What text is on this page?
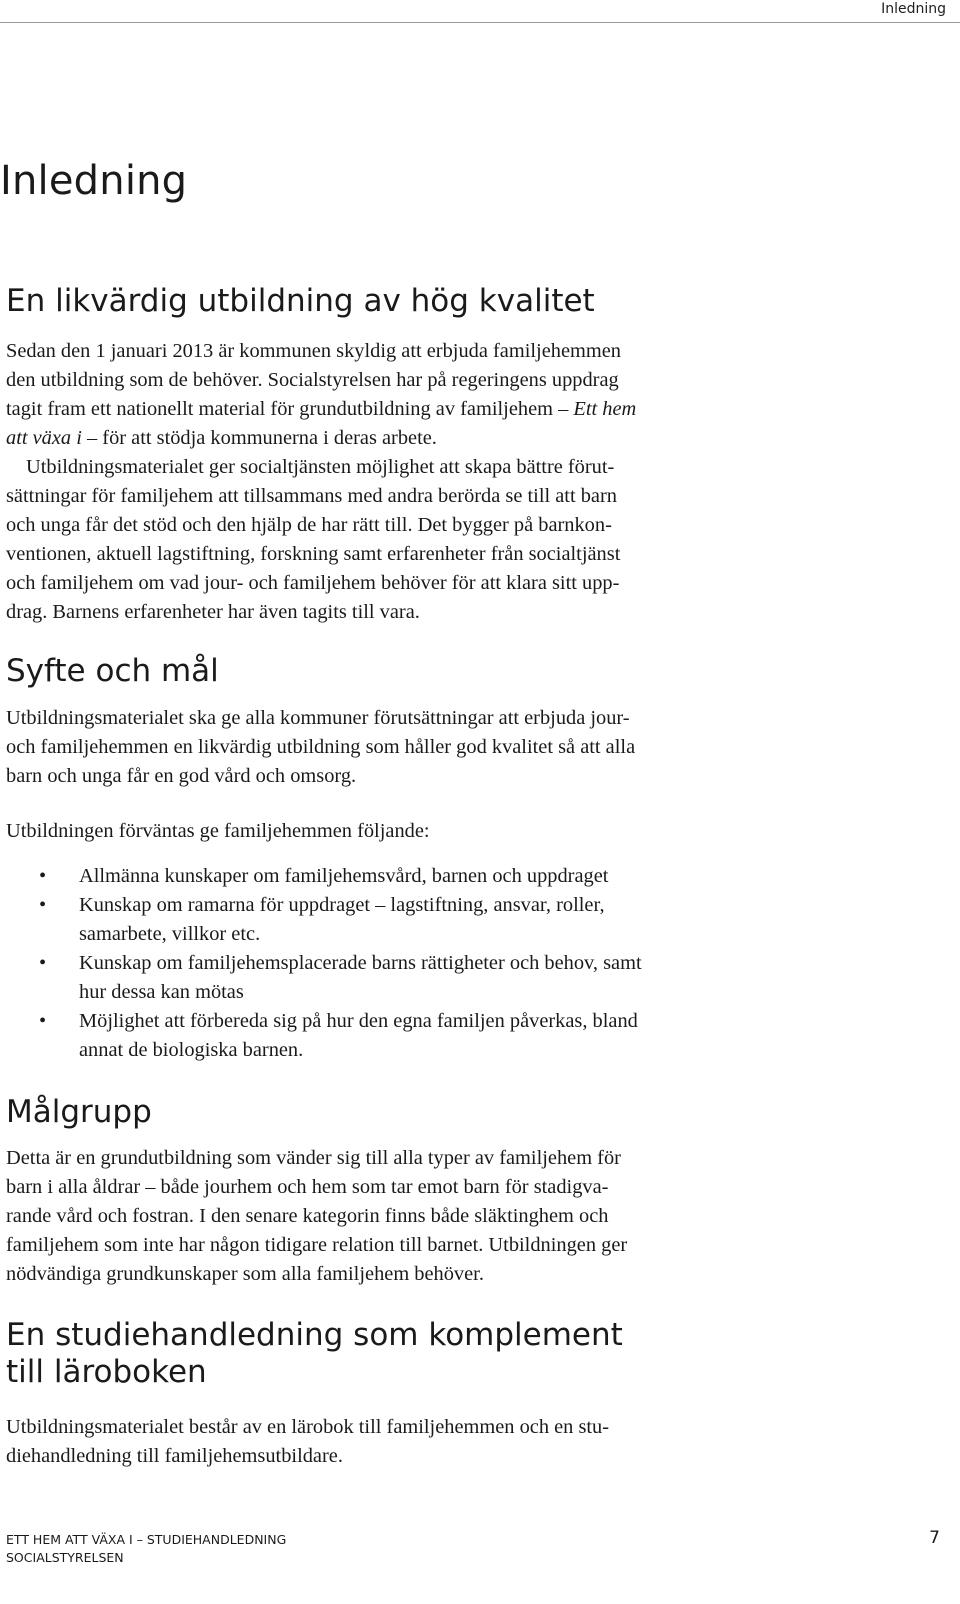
Inledning
Inledning
En likvärdig utbildning av hög kvalitet

Sedan den 1 januari 2013 är kommunen skyldig att erbjuda familjehemmen
den utbildning som de behöver. Socialstyrelsen har på regeringens uppdrag
tagit fram ett nationellt material för grundutbildning av familjehem – Ett hem
att växa i – för att stödja kommunerna i deras arbete.
Utbildningsmaterialet ger socialtjänsten möjlighet att skapa bättre förut-
sättningar för familjehem att tillsammans med andra berörda se till att barn
och unga får det stöd och den hjälp de har rätt till. Det bygger på barnkon-
ventionen, aktuell lagstiftning, forskning samt erfarenheter från socialtjänst
och familjehem om vad jour- och familjehem behöver för att klara sitt upp-
drag. Barnens erfarenheter har även tagits till vara.

Syfte och mål

Utbildningsmaterialet ska ge alla kommuner förutsättningar att erbjuda jour-
och familjehemmen en likvärdig utbildning som håller god kvalitet så att alla
barn och unga får en god vård och omsorg.

Utbildningen förväntas ge familjehemmen följande:

• Allmänna kunskaper om familjehemsvård, barnen och uppdraget
• Kunskap om ramarna för uppdraget – lagstiftning, ansvar, roller,
samarbete, villkor etc.
• Kunskap om familjehemsplacerade barns rättigheter och behov, samt
hur dessa kan mötas
• Möjlighet att förbereda sig på hur den egna familjen påverkas, bland
annat de biologiska barnen.
Målgrupp

Detta är en grundutbildning som vänder sig till alla typer av familjehem för
barn i alla åldrar – både jourhem och hem som tar emot barn för stadigva-
rande vård och fostran. I den senare kategorin finns både släktinghem och
familjehem som inte har någon tidigare relation till barnet. Utbildningen ger
nödvändiga grundkunskaper som alla familjehem behöver.

En studiehandledning som komplement
till läroboken

Utbildningsmaterialet består av en lärobok till familjehemmen och en stu-
diehandledning till familjehemsutbildare.

ETT HEM ATT VÄXA I – STUDIEHANDLEDNING
SOCIALSTYRELSEN
7
